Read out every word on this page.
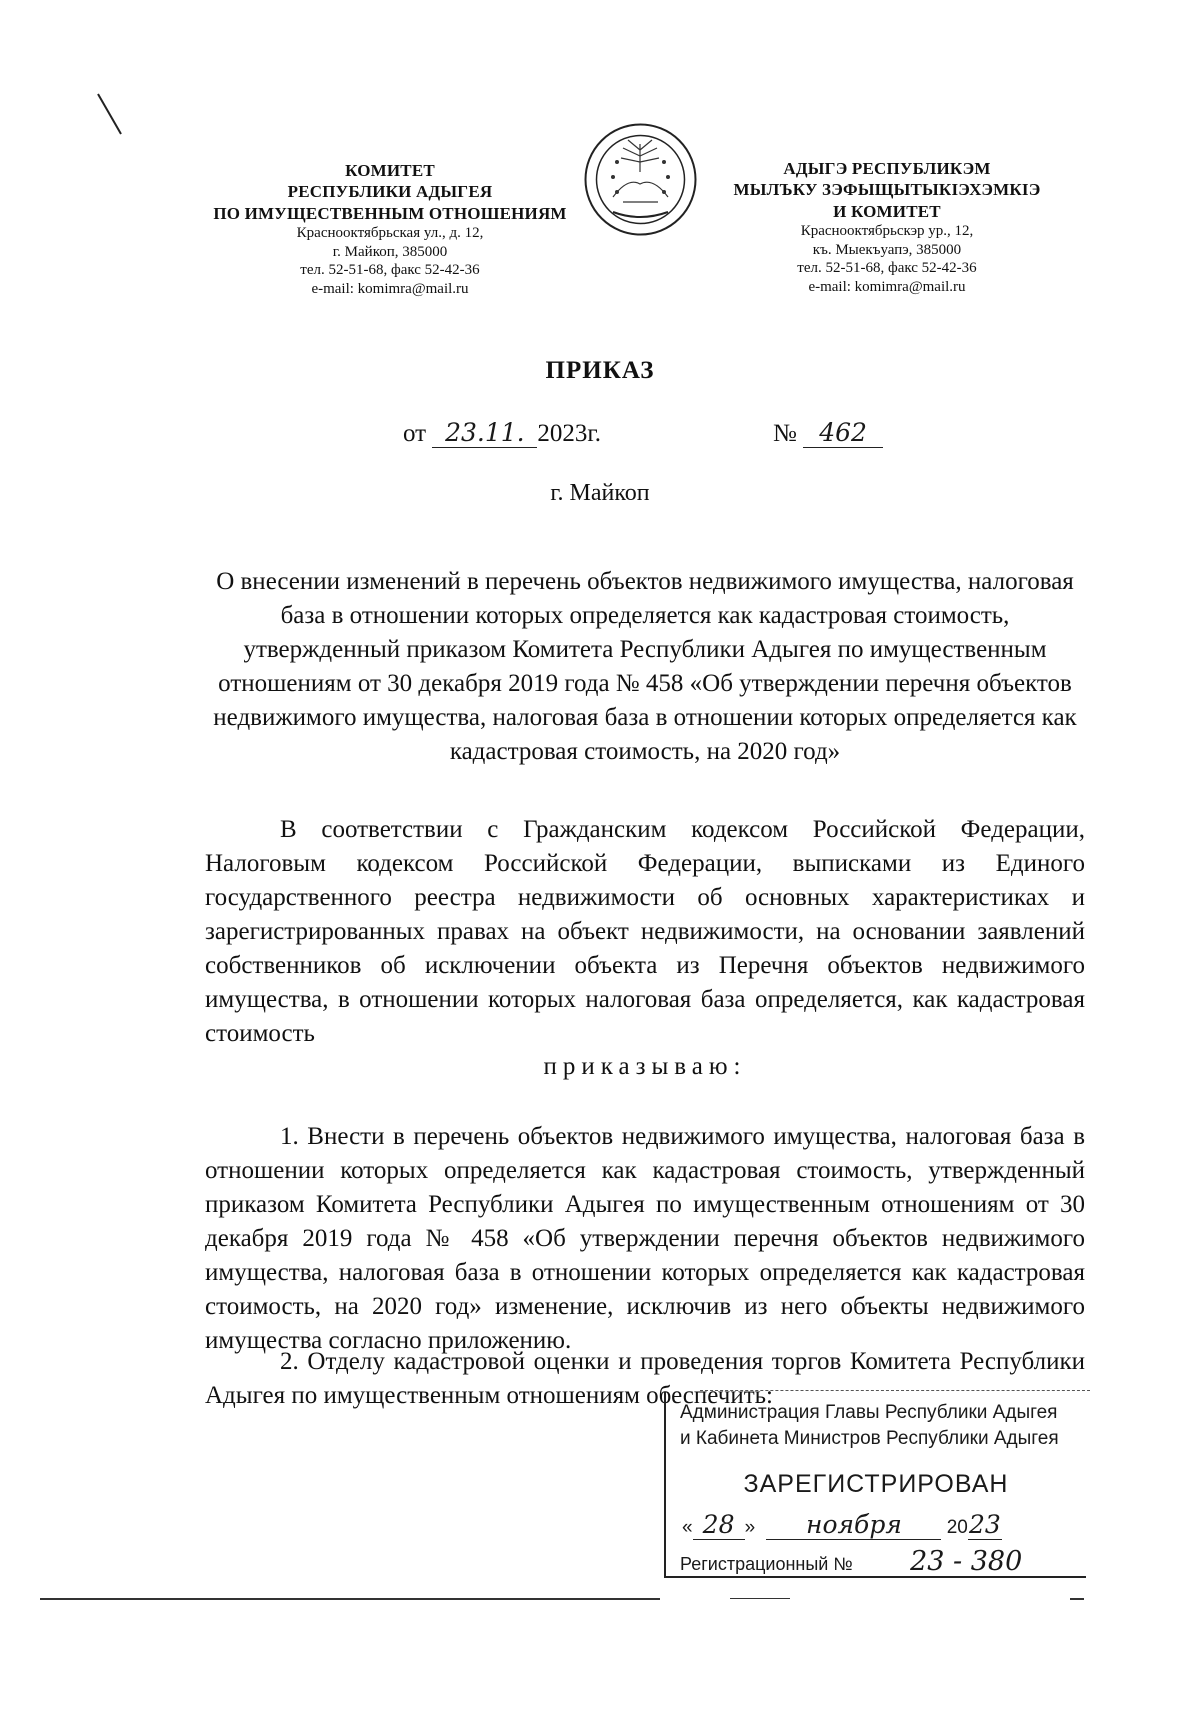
КОМИТЕТ
РЕСПУБЛИКИ АДЫГЕЯ
ПО ИМУЩЕСТВЕННЫМ ОТНОШЕНИЯМ
Краснооктябрьская ул., д. 12,
г. Майкоп, 385000
тел. 52-51-68, факс 52-42-36
e-mail: komimra@mail.ru
АДЫГЭ РЕСПУБЛИКЭМ
МЫЛЪКУ ЗЭФЫЩЫТЫКIЭХЭМКIЭ
И КОМИТЕТ
Краснооктябрьскэр ур., 12,
къ. Мыекъуапэ, 385000
тел. 52-51-68, факс 52-42-36
e-mail: komimra@mail.ru
ПРИКАЗ
от 23.11. 2023г.	№ 462
г. Майкоп
О внесении изменений в перечень объектов недвижимого имущества, налоговая база в отношении которых определяется как кадастровая стоимость, утвержденный приказом Комитета Республики Адыгея по имущественным отношениям от 30 декабря 2019 года № 458 «Об утверждении перечня объектов недвижимого имущества, налоговая база в отношении которых определяется как кадастровая стоимость, на 2020 год»
В соответствии с Гражданским кодексом Российской Федерации, Налоговым кодексом Российской Федерации, выписками из Единого государственного реестра недвижимости об основных характеристиках и зарегистрированных правах на объект недвижимости, на основании заявлений собственников об исключении объекта из Перечня объектов недвижимого имущества, в отношении которых налоговая база определяется, как кадастровая стоимость
приказываю:
1. Внести в перечень объектов недвижимого имущества, налоговая база в отношении которых определяется как кадастровая стоимость, утвержденный приказом Комитета Республики Адыгея по имущественным отношениям от 30 декабря 2019 года № 458 «Об утверждении перечня объектов недвижимого имущества, налоговая база в отношении которых определяется как кадастровая стоимость, на 2020 год» изменение, исключив из него объекты недвижимого имущества согласно приложению.
2. Отделу кадастровой оценки и проведения торгов Комитета Республики Адыгея по имущественным отношениям обеспечить:
Администрация Главы Республики Адыгея
и Кабинета Министров Республики Адыгея
ЗАРЕГИСТРИРОВАН
« 28 » ноября 2023
Регистрационный № 23 - 380
